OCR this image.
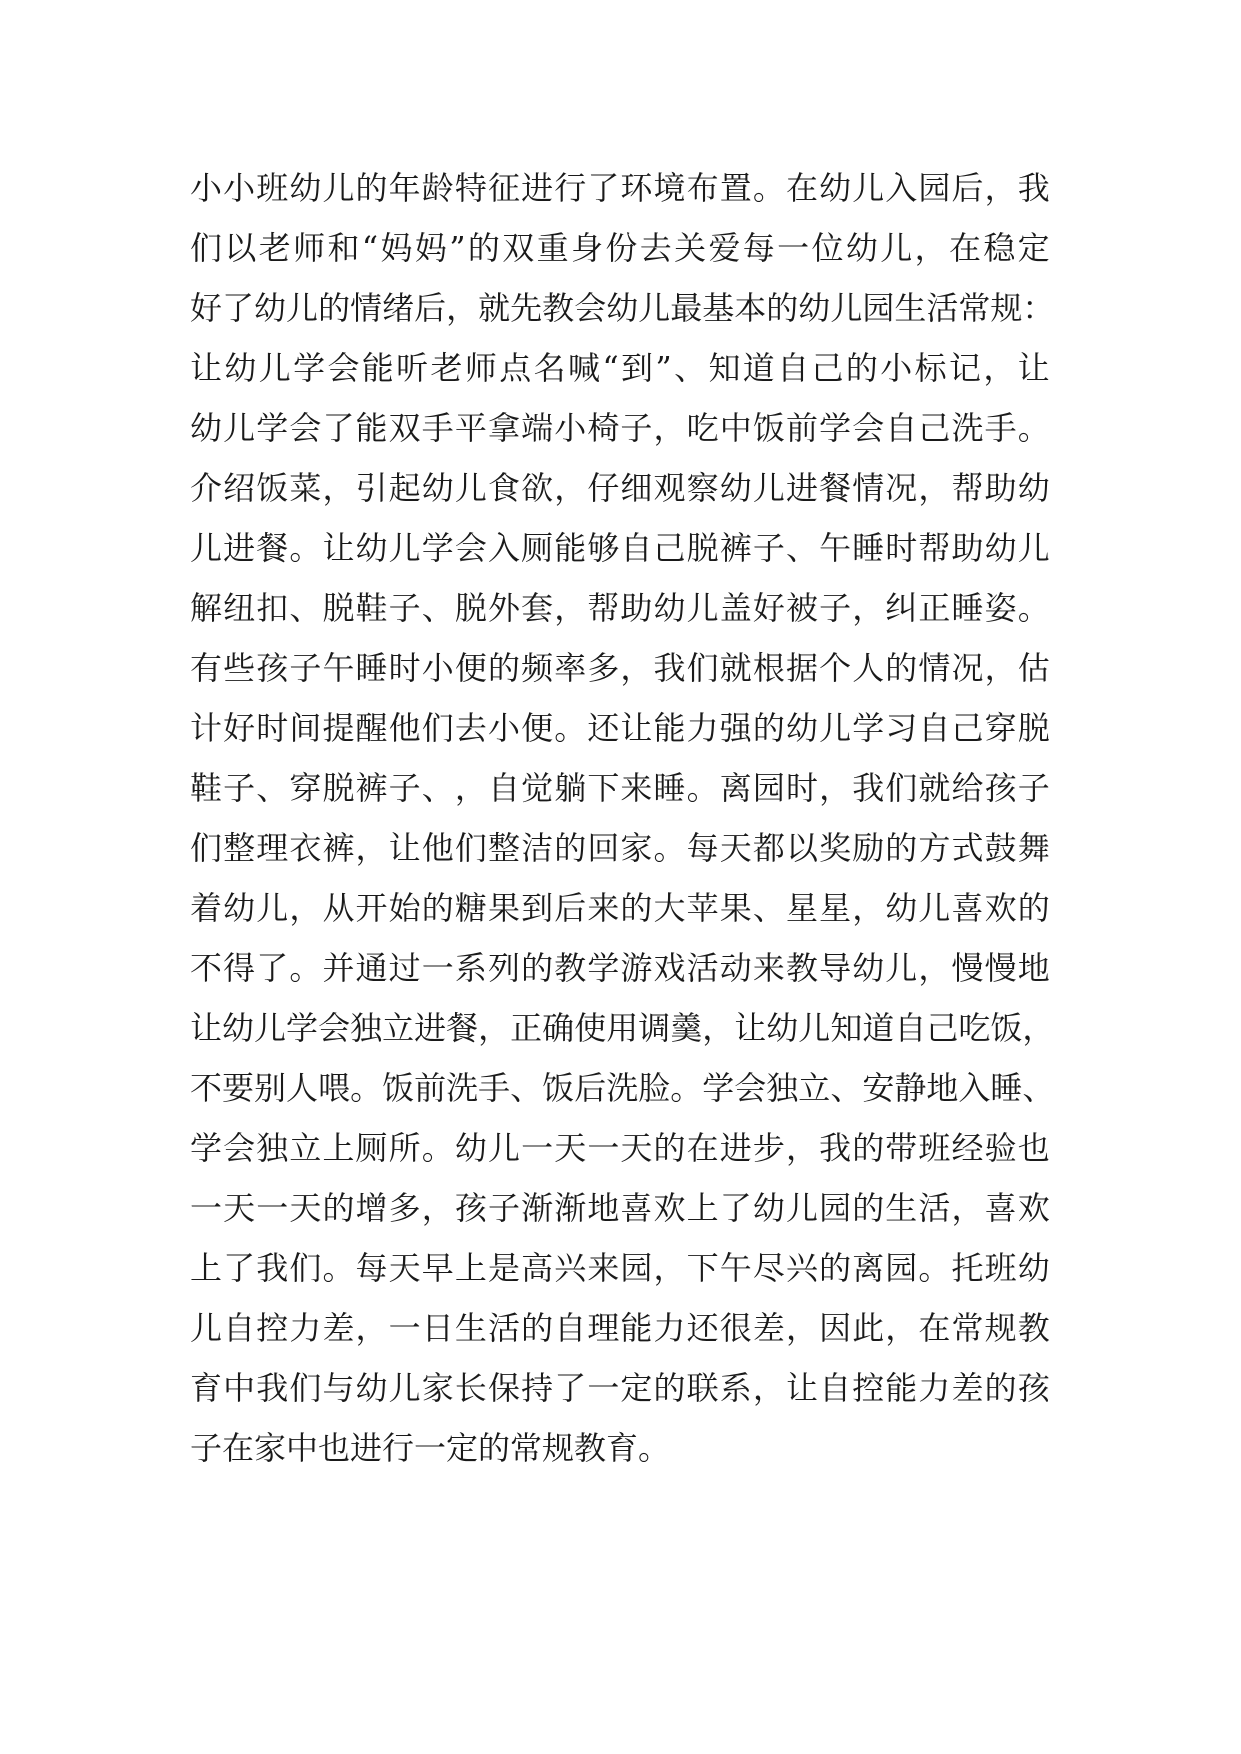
小 小 班 幼 儿 的 年 龄 特 征 进 行 了 环 境 布 置 。 在 幼 儿 入 园 后 ， 我
们 以 老 师 和 “ 妈 妈 ” 的 双 重 身 份 去 关 爱 每 一 位 幼 儿 ， 在 稳 定
好 了 幼 儿 的 情 绪 后 ， 就 先 教 会 幼 儿 最 基 本 的 幼 儿 园 生 活 常 规 ：
让 幼 儿 学 会 能 听 老 师 点 名 喊 “ 到 ” 、 知 道 自 己 的 小 标 记 ， 让
幼 儿 学 会 了 能 双 手 平 拿 端 小 椅 子 ， 吃 中 饭 前 学 会 自 己 洗 手 。
介 绍 饭 菜 ， 引 起 幼 儿 食 欲 ， 仔 细 观 察 幼 儿 进 餐 情 况 ， 帮 助 幼
儿 进 餐 。 让 幼 儿 学 会 入 厕 能 够 自 己 脱 裤 子 、 午 睡 时 帮 助 幼 儿
解 纽 扣 、 脱 鞋 子 、 脱 外 套 ， 帮 助 幼 儿 盖 好 被 子 ， 纠 正 睡 姿 。
有 些 孩 子 午 睡 时 小 便 的 频 率 多 ， 我 们 就 根 据 个 人 的 情 况 ， 估
计 好 时 间 提 醒 他 们 去 小 便 。 还 让 能 力 强 的 幼 儿 学 习 自 己 穿 脱
鞋 子 、 穿 脱 裤 子 、 ， 自 觉 躺 下 来 睡 。 离 园 时 ， 我 们 就 给 孩 子
们 整 理 衣 裤 ， 让 他 们 整 洁 的 回 家 。 每 天 都 以 奖 励 的 方 式 鼓 舞
着 幼 儿 ， 从 开 始 的 糖 果 到 后 来 的 大 苹 果 、 星 星 ， 幼 儿 喜 欢 的
不 得 了 。 并 通 过 一 系 列 的 教 学 游 戏 活 动 来 教 导 幼 儿 ， 慢 慢 地
让 幼 儿 学 会 独 立 进 餐 ， 正 确 使 用 调 羹 ， 让 幼 儿 知 道 自 己 吃 饭 ，
不 要 别 人 喂 。 饭 前 洗 手 、 饭 后 洗 脸 。 学 会 独 立 、 安 静 地 入 睡 、
学 会 独 立 上 厕 所 。 幼 儿 一 天 一 天 的 在 进 步 ， 我 的 带 班 经 验 也
一 天 一 天 的 增 多 ， 孩 子 渐 渐 地 喜 欢 上 了 幼 儿 园 的 生 活 ， 喜 欢
上 了 我 们 。 每 天 早 上 是 高 兴 来 园 ， 下 午 尽 兴 的 离 园 。 托 班 幼
儿 自 控 力 差 ， 一 日 生 活 的 自 理 能 力 还 很 差 ， 因 此 ， 在 常 规 教
育 中 我 们 与 幼 儿 家 长 保 持 了 一 定 的 联 系 ， 让 自 控 能 力 差 的 孩
子在家中也进行一定的常规教育。
